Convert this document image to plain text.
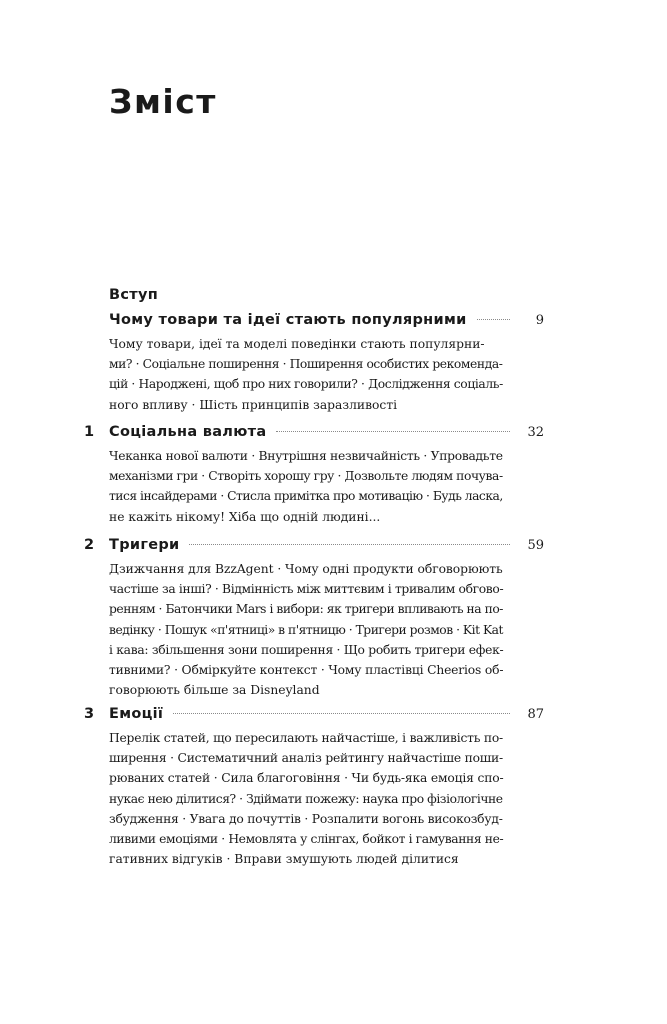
Зміст
Вступ
Чому товари та ідеї стають популярними	9

Чому товари, ідеї та моделі поведінки стають популярни-
ми? · Соціальне поширення · Поширення особистих рекоменда-
цій · Народжені, щоб про них говорили? · Дослідження соціаль-
ного впливу · Шість принципів заразливості

1 Соціальна валюта	32

Чеканка нової валюти · Внутрішня незвичайність · Упровадьте
механізми гри · Створіть хорошу гру · Дозвольте людям почува-
тися інсайдерами · Стисла примітка про мотивацію · Будь ласка,
не кажіть нікому! Хіба що одній людині...

2 Тригери	59

Дзижчання для BzzAgent · Чому одні продукти обговорюють
частіше за інші? · Відмінність між миттєвим і тривалим обгово-
ренням · Батончики Mars і вибори: як тригери впливають на по-
ведінку · Пошук «п'ятниці» в п'ятницю · Тригери розмов · Kit Kat
і кава: збільшення зони поширення · Що робить тригери ефек-
тивними? · Обміркуйте контекст · Чому пластівці Cheerios об-
говорюють більше за Disneyland

3 Емоції	87

Перелік статей, що пересилають найчастіше, і важливість по-
ширення · Систематичний аналіз рейтингу найчастіше поши-
рюваних статей · Сила благоговіння · Чи будь-яка емоція спо-
нукає нею ділитися? · Здіймати пожежу: наука про фізіологічне
збудження · Увага до почуттів · Розпалити вогонь високозбуд-
ливими емоціями · Немовлята у слінгах, бойкот і гамування не-
гативних відгуків · Вправи змушують людей ділитися
